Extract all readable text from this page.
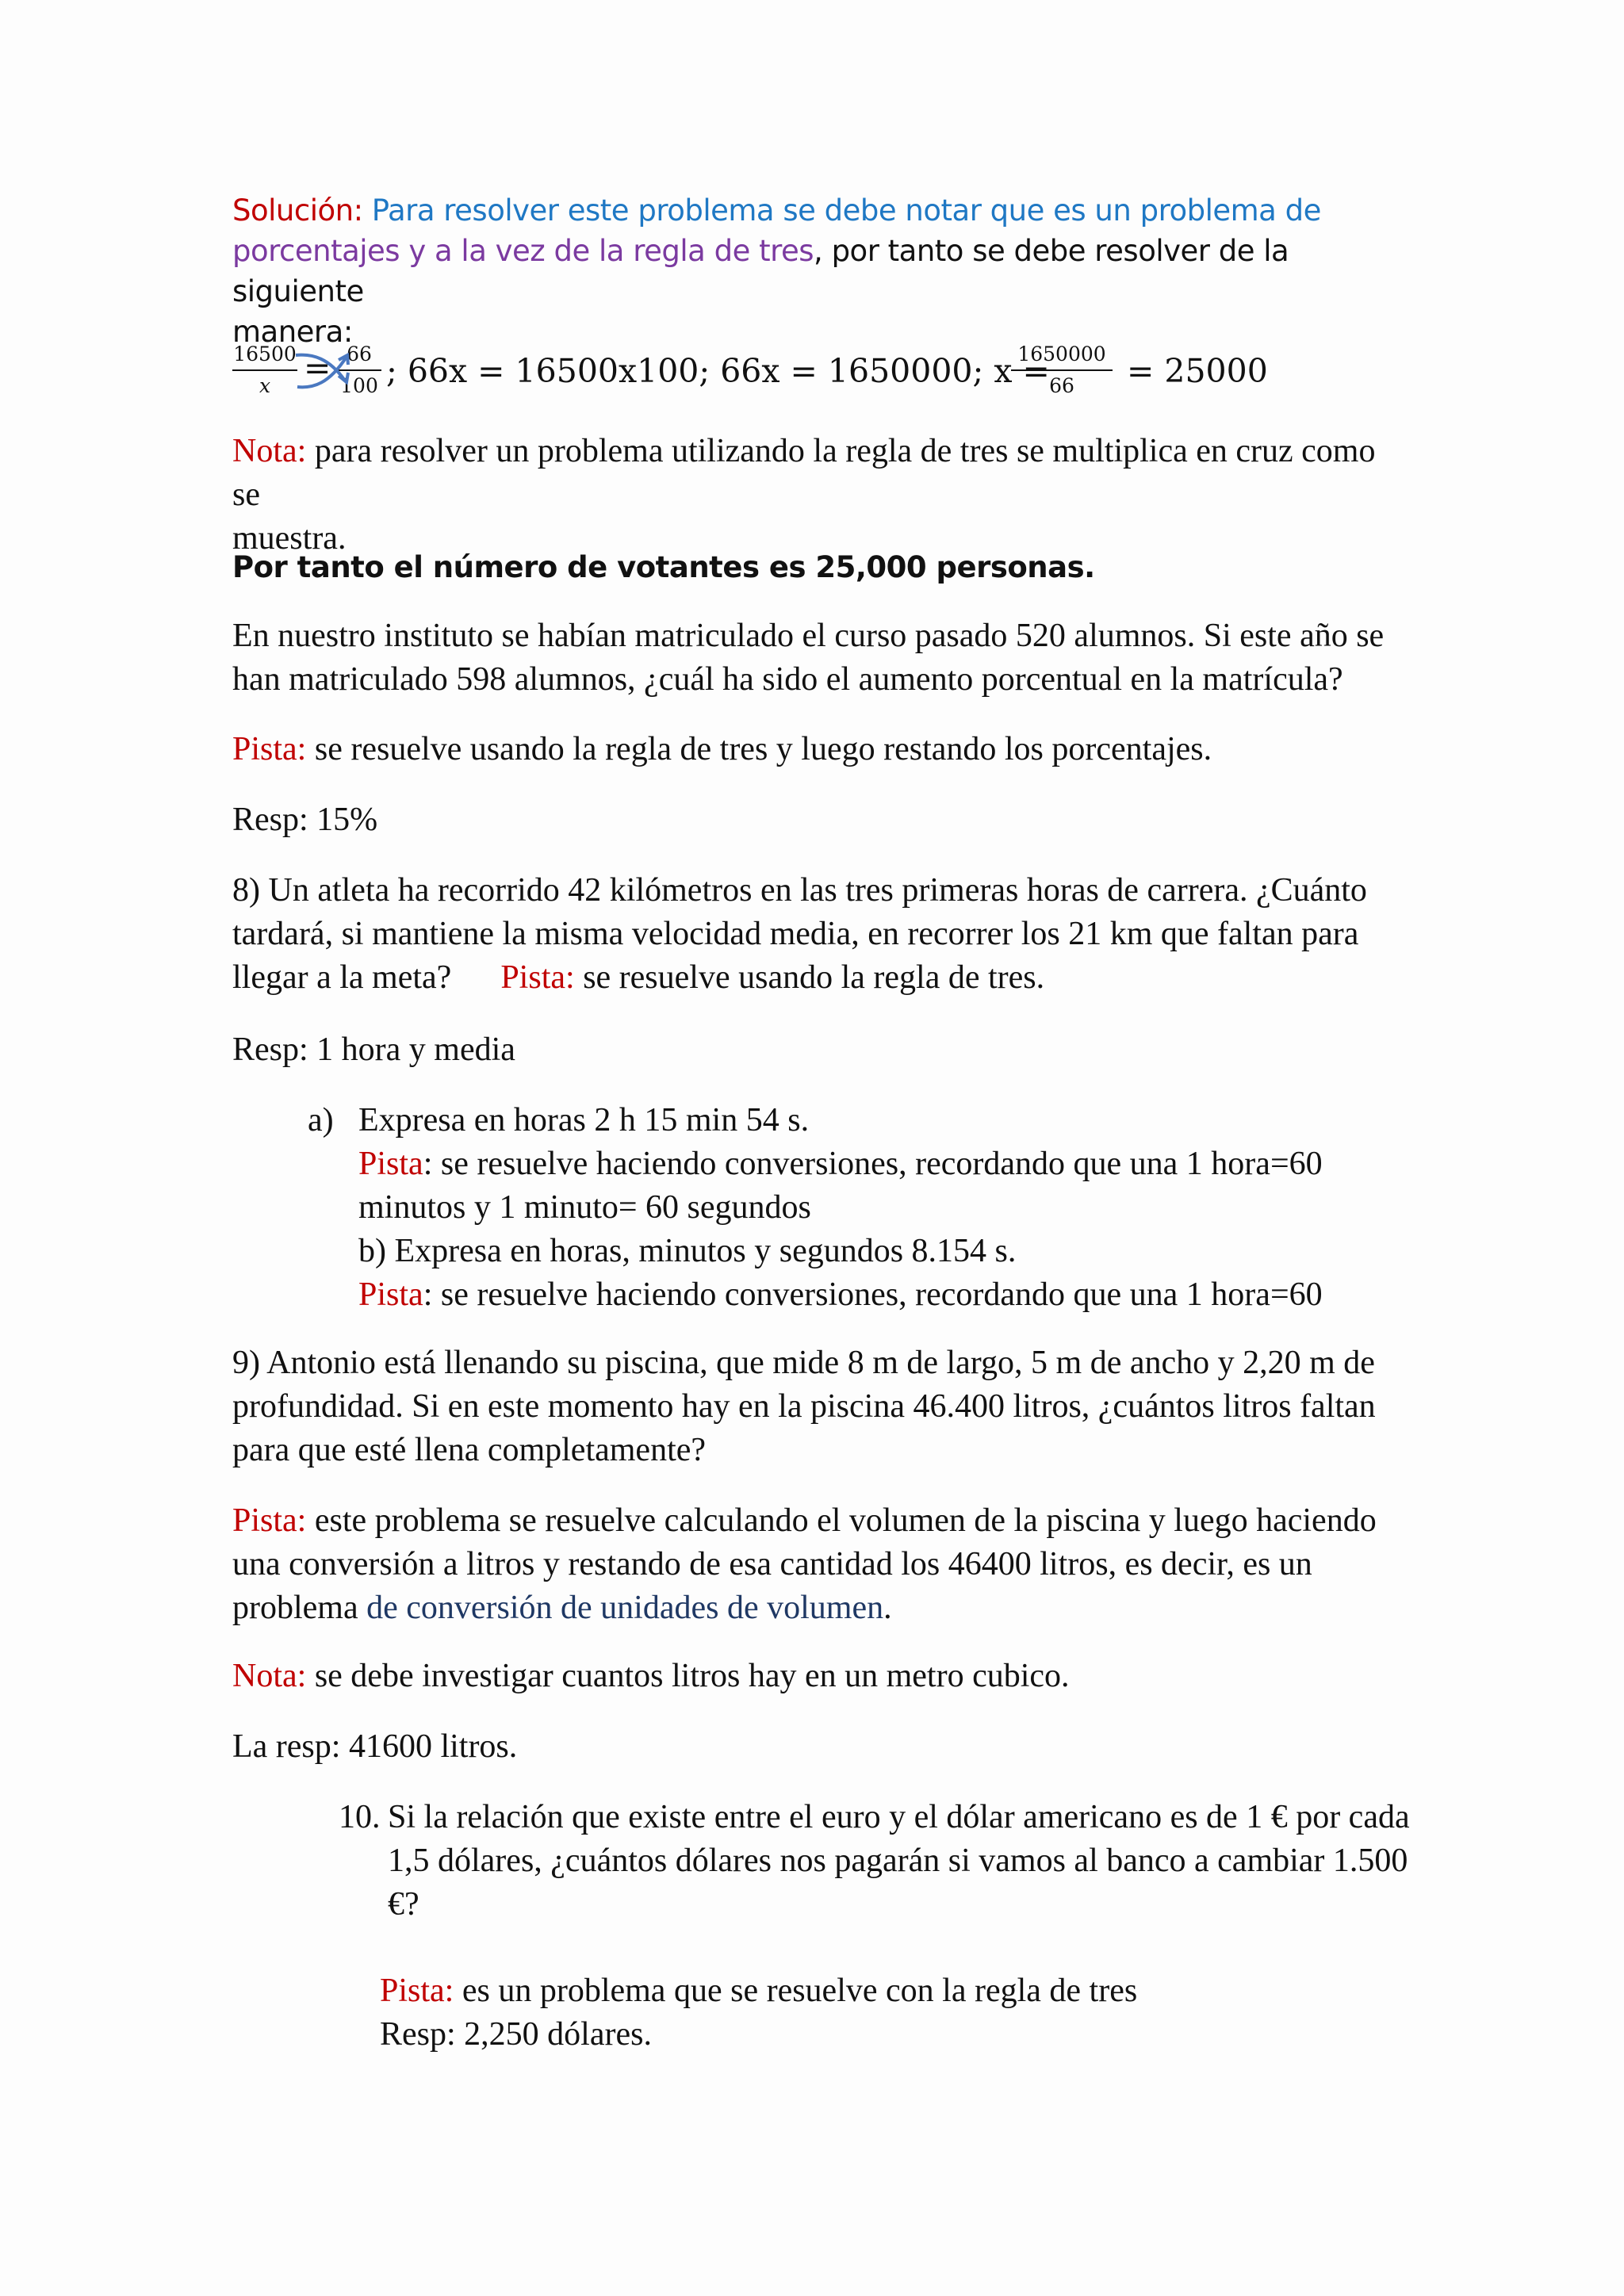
Solución: Para resolver este problema se debe notar que es un problema de
porcentajes y a la vez de la regla de tres, por tanto se debe resolver de la siguiente
manera:
16500
x	= 66
100 ; 66x = 16500x100; 66x = 1650000; x =
1650000
66	= 25000

Nota: para resolver un problema utilizando la regla de tres se multiplica en cruz como se
muestra.

Por tanto el número de votantes es 25,000 personas.

En nuestro instituto se habían matriculado el curso pasado 520 alumnos. Si este año se
han matriculado 598 alumnos, ¿cuál ha sido el aumento porcentual en la matrícula?

Pista: se resuelve usando la regla de tres y luego restando los porcentajes.

Resp: 15%

8) Un atleta ha recorrido 42 kilómetros en las tres primeras horas de carrera. ¿Cuánto
tardará, si mantiene la misma velocidad media, en recorrer los 21 km que faltan para
llegar a la meta? Pista: se resuelve usando la regla de tres.

Resp: 1 hora y media

a) Expresa en horas 2 h 15 min 54 s.
Pista: se resuelve haciendo conversiones, recordando que una 1 hora=60
minutos y 1 minuto= 60 segundos
b) Expresa en horas, minutos y segundos 8.154 s.
Pista: se resuelve haciendo conversiones, recordando que una 1 hora=60

9) Antonio está llenando su piscina, que mide 8 m de largo, 5 m de ancho y 2,20 m de
profundidad. Si en este momento hay en la piscina 46.400 litros, ¿cuántos litros faltan
para que esté llena completamente?

Pista: este problema se resuelve calculando el volumen de la piscina y luego haciendo
una conversión a litros y restando de esa cantidad los 46400 litros, es decir, es un
problema de conversión de unidades de volumen.

Nota: se debe investigar cuantos litros hay en un metro cubico.

La resp: 41600 litros.

10. Si la relación que existe entre el euro y el dólar americano es de 1 € por cada
1,5 dólares, ¿cuántos dólares nos pagarán si vamos al banco a cambiar 1.500
€?

Pista: es un problema que se resuelve con la regla de tres
Resp: 2,250 dólares.
